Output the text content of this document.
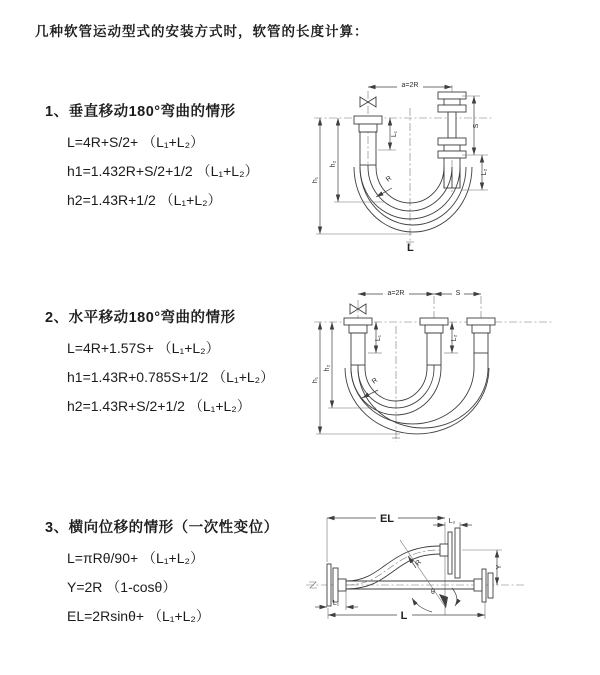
几种软管运动型式的安装方式时，软管的长度计算：
1、垂直移动180°弯曲的情形
L=4R+S/2+ （L₁+L₂）
h1=1.432R+S/2+1/2 （L₁+L₂）
h2=1.43R+1/2 （L₁+L₂）
a=2R
h₁
h₂
L₁
S
L₂
R
L
2、水平移动180°弯曲的情形
L=4R+1.57S+ （L₁+L₂）
h1=1.43R+0.785S+1/2 （L₁+L₂）
h2=1.43R+S/2+1/2 （L₁+L₂）
a=2R	S
h₁
h₂
L₁	L₂
R
3、横向位移的情形（一次性变位）
L=πRθ/90+ （L₁+L₂）
Y=2R （1-cosθ）
EL=2Rsinθ+ （L₁+L₂）
EL	L₂
Y
R
θ
L
L₁
